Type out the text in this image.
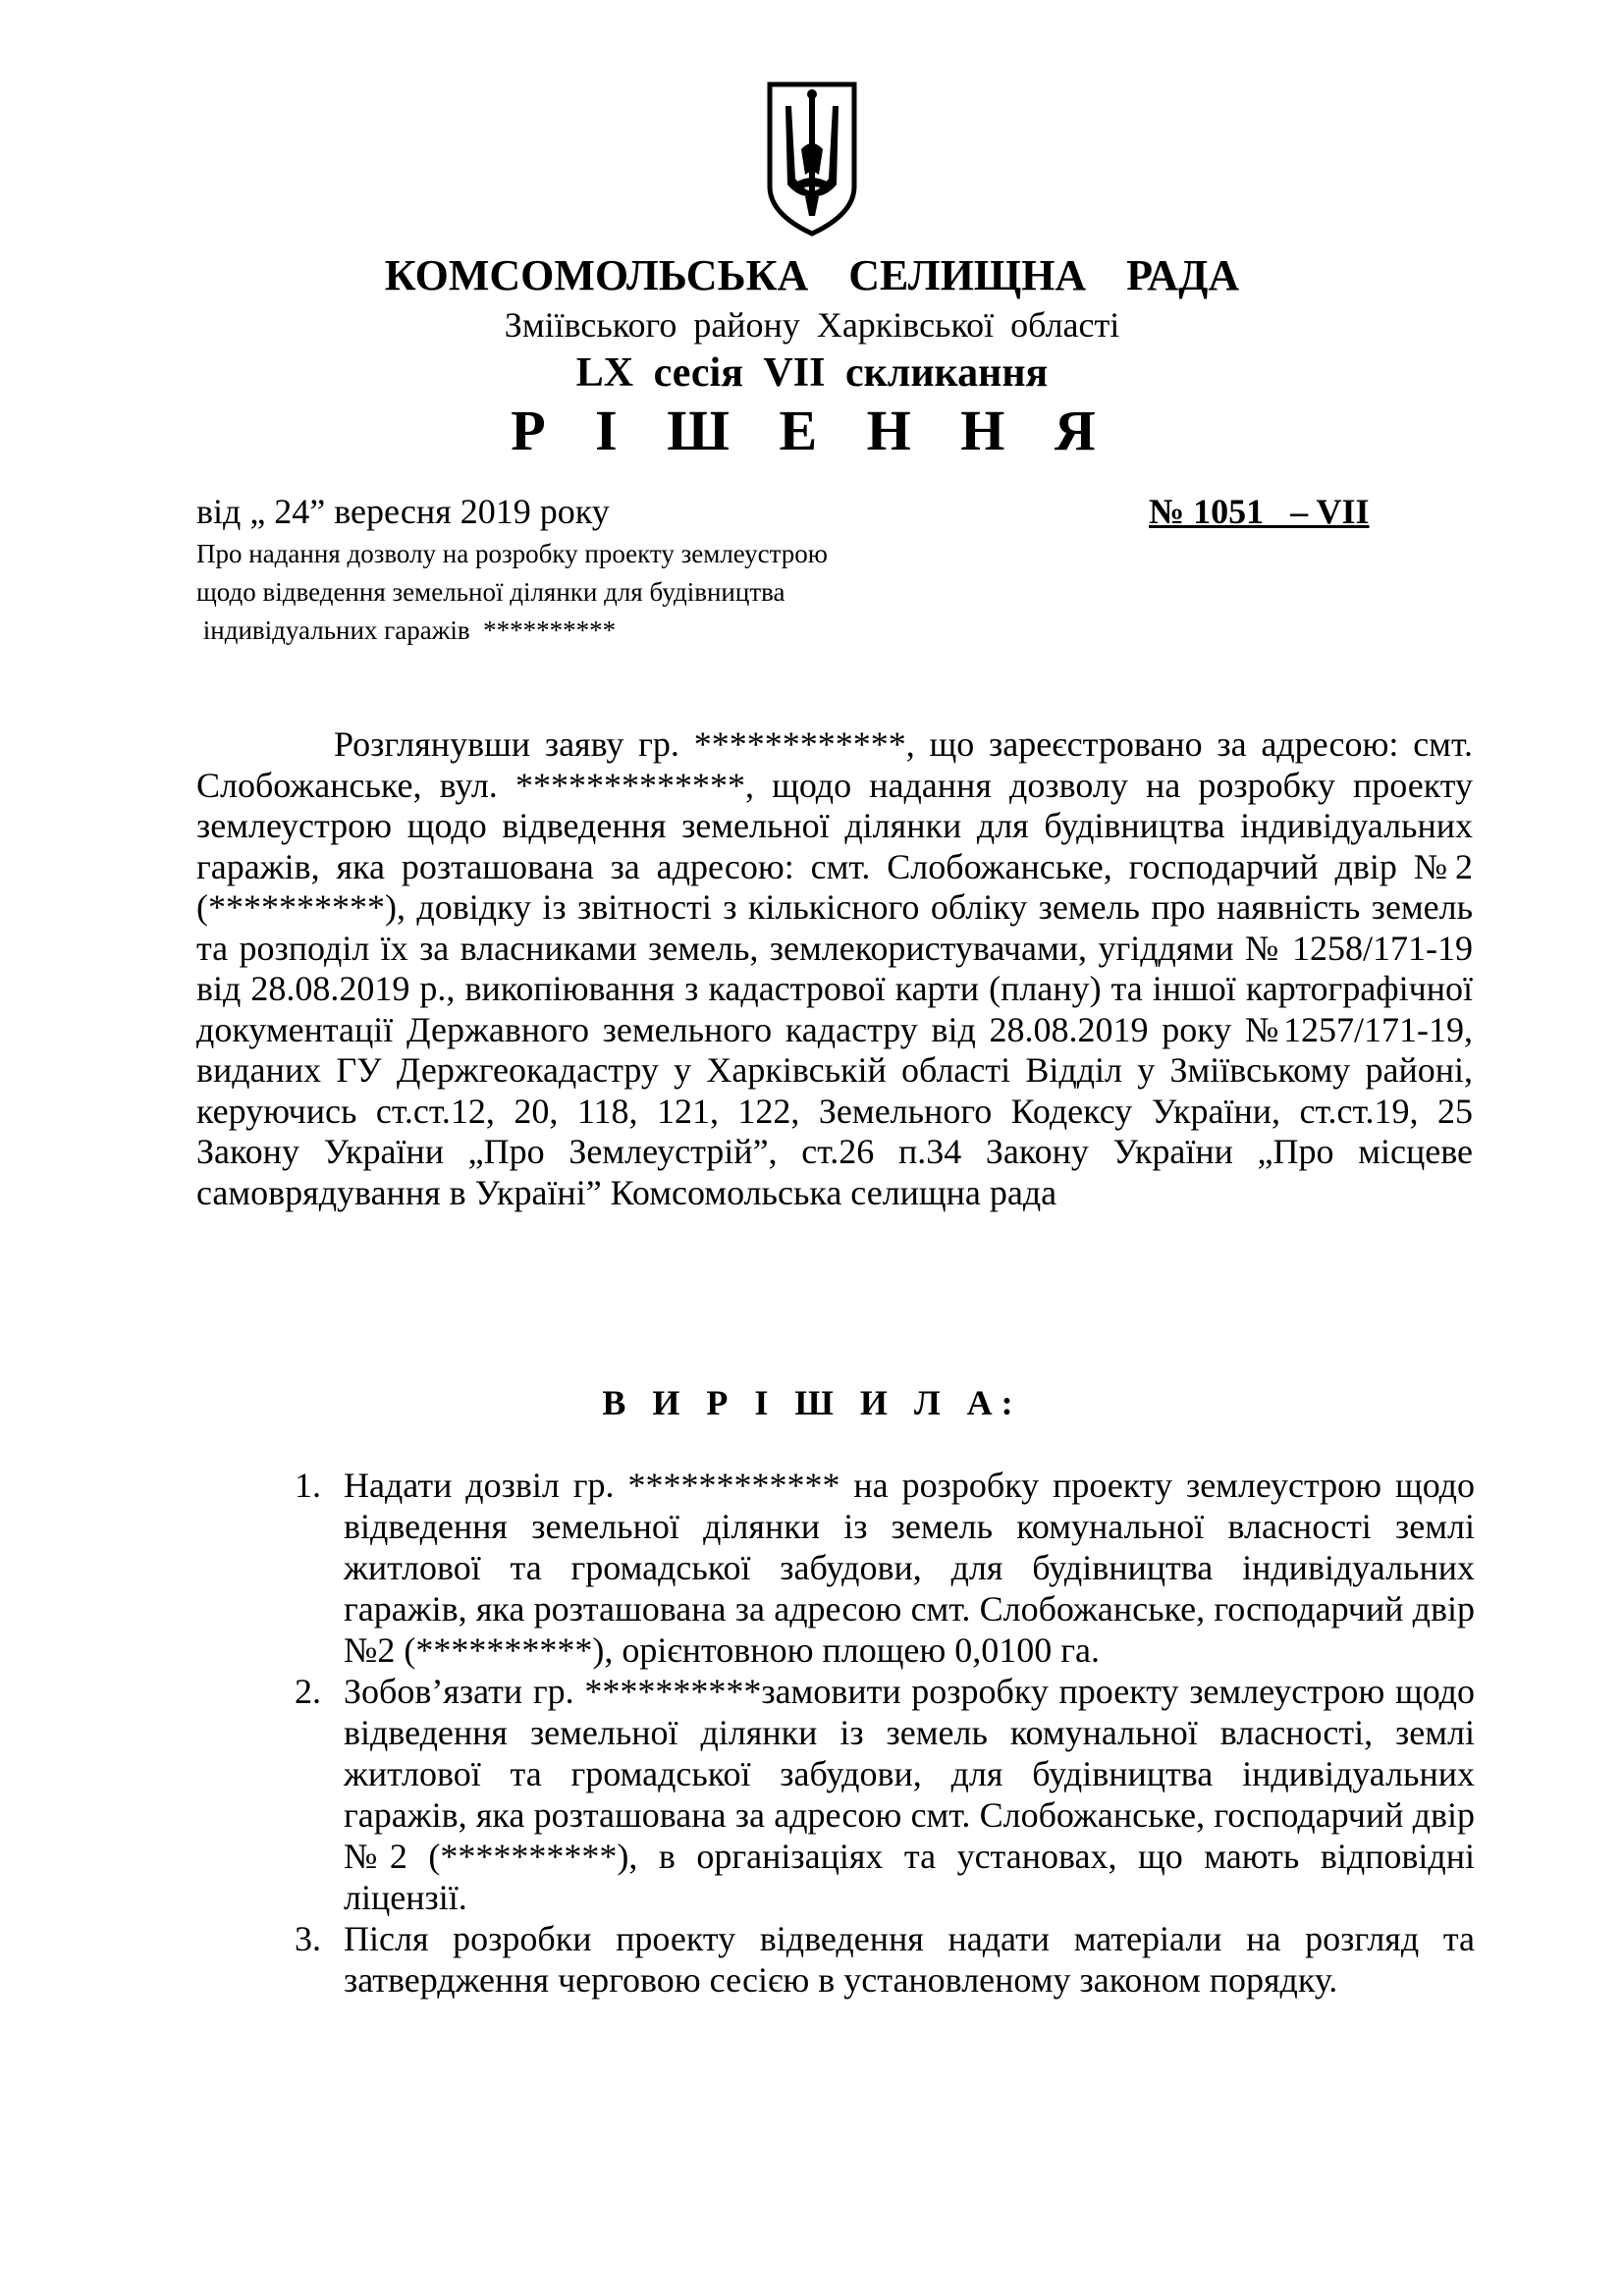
КОМСОМОЛЬСЬКА СЕЛИЩНА РАДА
Зміївського району Харківської області
LX сесія VII скликання
Р І Ш Е Н Н Я
від „ 24” вересня 2019 року	№ 1051   – VII
Про надання дозволу на розробку проекту землеустрою
щодо відведення земельної ділянки для будівництва
індивідуальних гаражів  **********
Розглянувши заяву гр. ************, що зареєстровано за адресою: смт. Слобожанське, вул. *************, щодо надання дозволу на розробку проекту землеустрою щодо відведення земельної ділянки для будівництва індивідуальних гаражів, яка розташована за адресою: смт. Слобожанське, господарчий двір №2 (**********), довідку із звітності з кількісного обліку земель про наявність земель та розподіл їх за власниками земель, землекористувачами, угіддями № 1258/171-19 від 28.08.2019 р., викопіювання з кадастрової карти (плану) та іншої картографічної документації Державного земельного кадастру від 28.08.2019 року №1257/171-19, виданих ГУ Держгеокадастру у Харківській області Відділ у Зміївському районі, керуючись ст.ст.12, 20, 118, 121, 122, Земельного Кодексу України, ст.ст.19, 25 Закону України „Про Землеустрій”, ст.26 п.34 Закону України „Про місцеве самоврядування в Україні” Комсомольська селищна рада
В И Р І Ш И Л А:
1. Надати дозвіл гр. ************ на розробку проекту землеустрою щодо відведення земельної ділянки із земель комунальної власності землі житлової та громадської забудови, для будівництва індивідуальних гаражів, яка розташована за адресою смт. Слобожанське, господарчий двір №2 (**********), орієнтовною площею 0,0100 га.

2. Зобов’язати гр. **********замовити розробку проекту землеустрою щодо відведення земельної ділянки із земель комунальної власності, землі житлової та громадської забудови, для будівництва індивідуальних гаражів, яка розташована за адресою смт. Слобожанське, господарчий двір №2 (**********), в організаціях та установах, що мають відповідні ліцензії.

3. Після розробки проекту відведення надати матеріали на розгляд та затвердження черговою сесією в установленому законом порядку.
